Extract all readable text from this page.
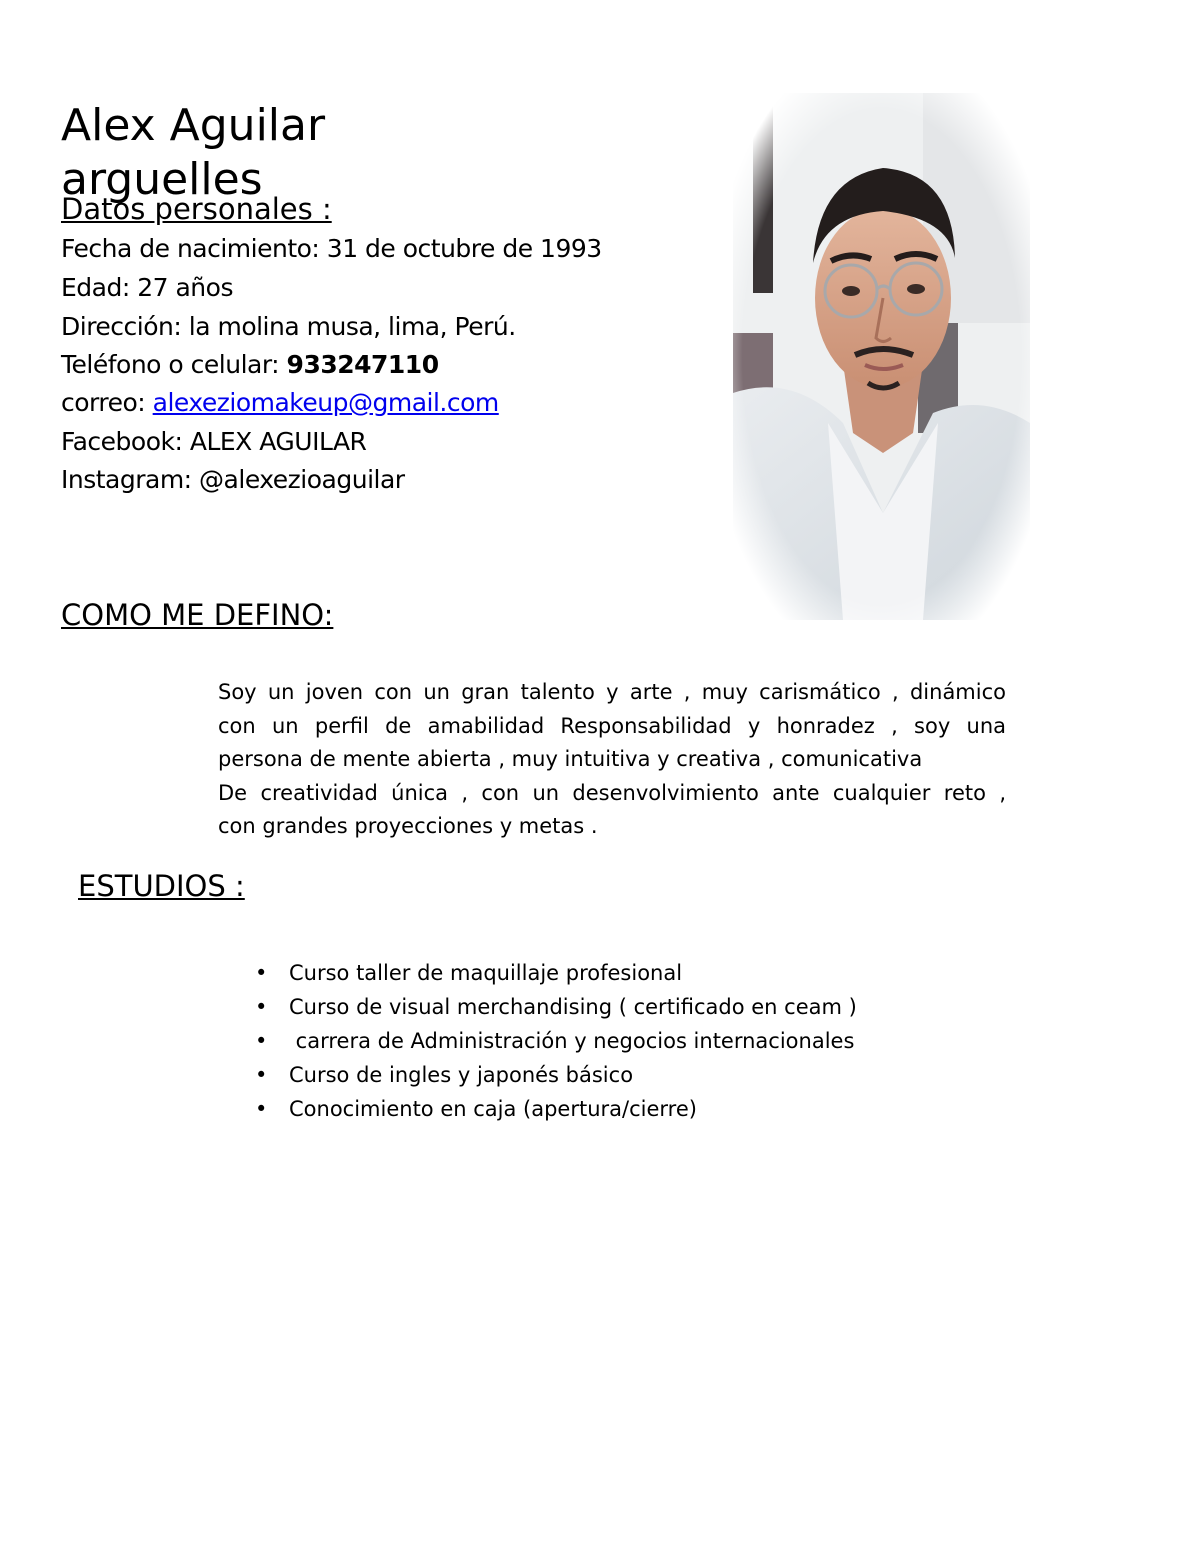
Alex Aguilar
arguelles
Datos personales :
Fecha de nacimiento: 31 de octubre de 1993
Edad: 27 años
Dirección: la molina musa, lima, Perú.
Teléfono o celular: 933247110
correo: alexeziomakeup@gmail.com
Facebook: ALEX AGUILAR
Instagram: @alexezioaguilar
COMO ME DEFINO:

Soy un joven con un gran talento y arte , muy carismático , dinámico

con un perfil de amabilidad Responsabilidad y honradez , soy una

persona de mente abierta , muy intuitiva y creativa , comunicativa

De creatividad única , con un desenvolvimiento ante cualquier reto ,

con grandes proyecciones y metas .

ESTUDIOS :
• Curso taller de maquillaje profesional
• Curso de visual merchandising ( certificado en ceam )
• carrera de Administración y negocios internacionales
• Curso de ingles y japonés básico
• Conocimiento en caja (apertura/cierre)
